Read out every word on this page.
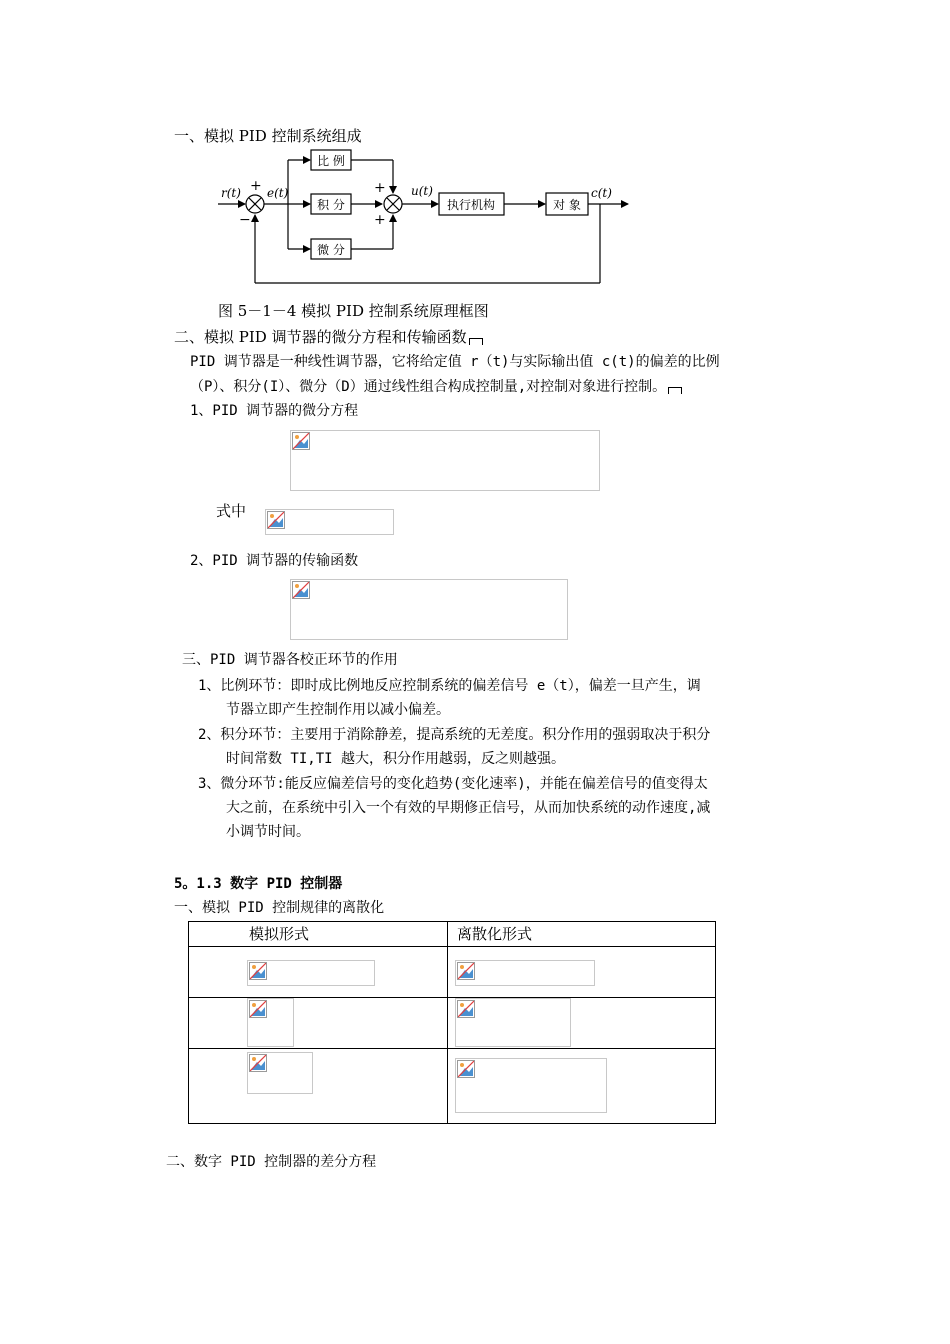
一、模拟 PID 控制系统组成
比 例
积 分
微 分
执行机构	对 象
r(t) e(t)	u(t)	c(t)
+
−
+
+
图 5－1－4 模拟 PID 控制系统原理框图
二、模拟 PID 调节器的微分方程和传输函数
PID 调节器是一种线性调节器，它将给定值 r（t)与实际输出值 c(t)的偏差的比例
（P）、积分(I）、微分（D）通过线性组合构成控制量,对控制对象进行控制。
1、PID 调节器的微分方程
式中
2、PID 调节器的传输函数
三、PID 调节器各校正环节的作用
1、比例环节：即时成比例地反应控制系统的偏差信号 e（t），偏差一旦产生，调
节器立即产生控制作用以减小偏差。
2、积分环节：主要用于消除静差，提高系统的无差度。积分作用的强弱取决于积分
时间常数 TI,TI 越大，积分作用越弱，反之则越强。
3、微分环节:能反应偏差信号的变化趋势(变化速率)，并能在偏差信号的值变得太
大之前，在系统中引入一个有效的早期修正信号，从而加快系统的动作速度,减
小调节时间。
5。1.3 数字 PID 控制器
一、模拟 PID 控制规律的离散化
模拟形式	离散化形式

二、数字 PID 控制器的差分方程
